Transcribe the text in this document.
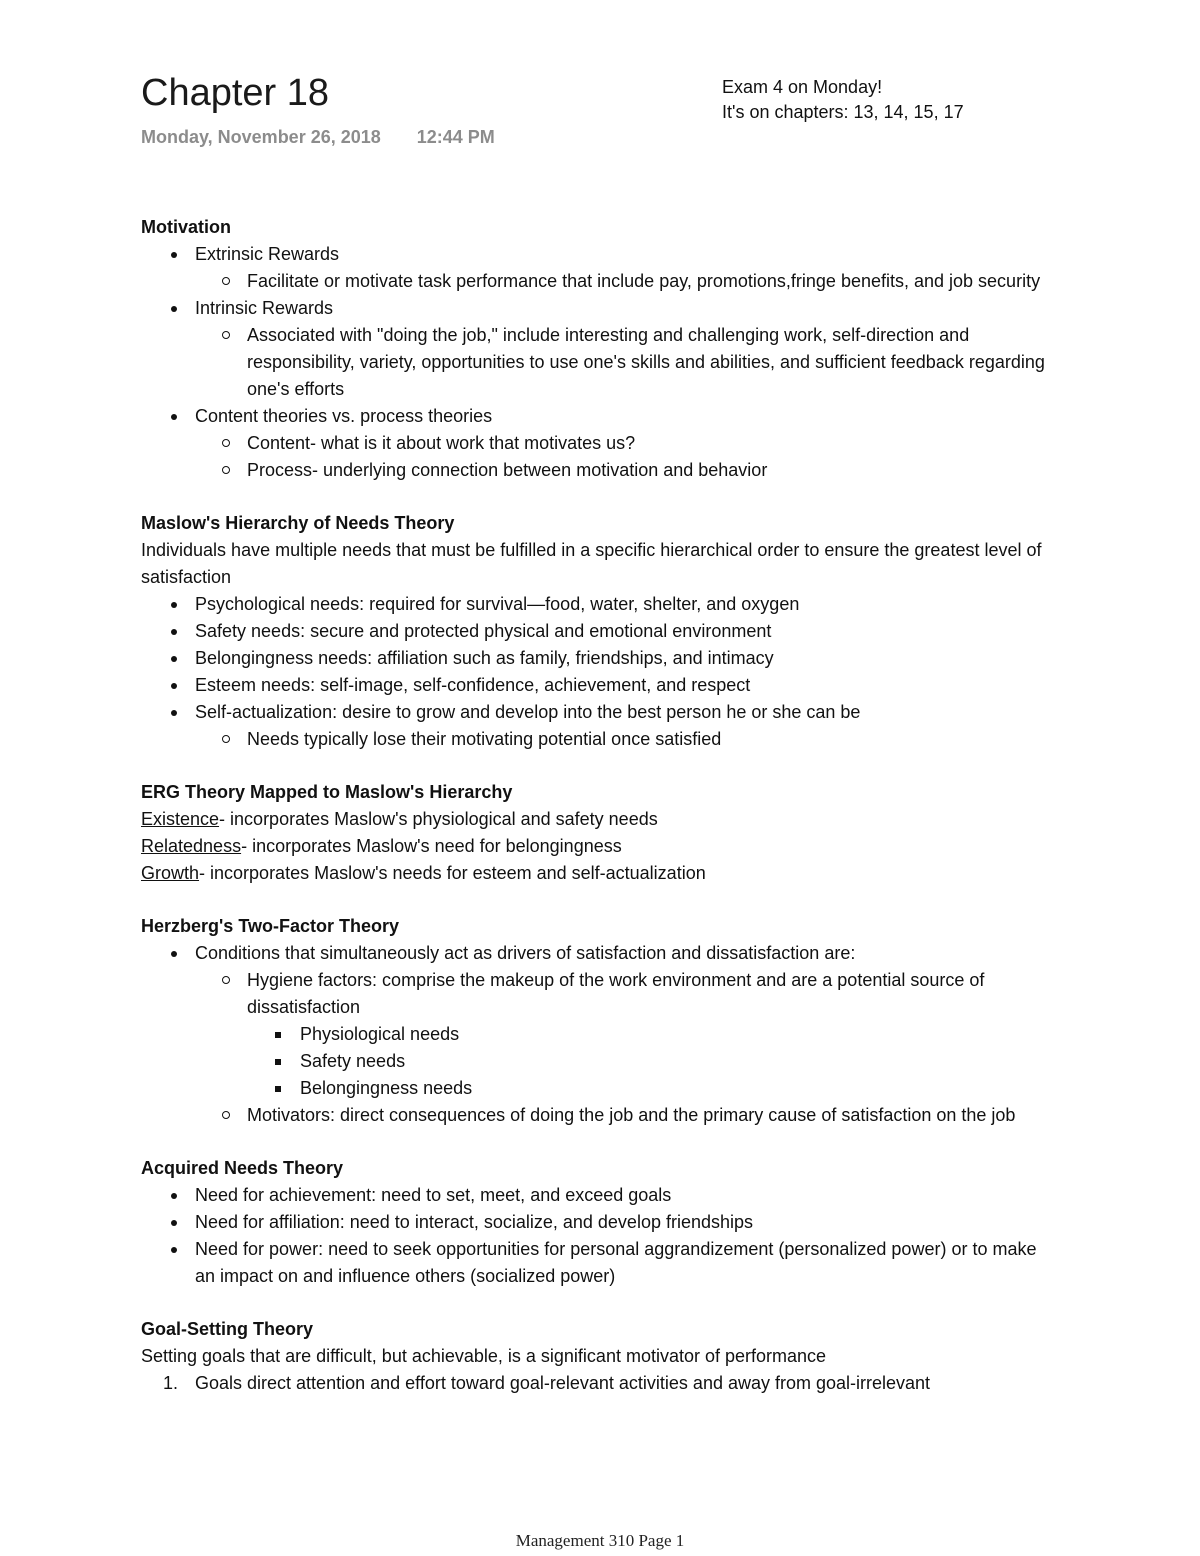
Chapter 18
Monday, November 26, 2018 12:44 PM
Exam 4 on Monday!
It's on chapters: 13, 14, 15, 17
Motivation
Extrinsic Rewards
Facilitate or motivate task performance that include pay, promotions,fringe benefits, and job security
Intrinsic Rewards
Associated with "doing the job," include interesting and challenging work, self-direction and responsibility, variety, opportunities to use one's skills and abilities, and sufficient feedback regarding one's efforts
Content theories vs. process theories
Content- what is it about work that motivates us?
Process- underlying connection between motivation and behavior
Maslow's Hierarchy of Needs Theory
Individuals have multiple needs that must be fulfilled in a specific hierarchical order to ensure the greatest level of satisfaction
Psychological needs: required for survival—food, water, shelter, and oxygen
Safety needs: secure and protected physical and emotional environment
Belongingness needs: affiliation such as family, friendships, and intimacy
Esteem needs: self-image, self-confidence, achievement, and respect
Self-actualization: desire to grow and develop into the best person he or she can be
Needs typically lose their motivating potential once satisfied
ERG Theory Mapped to Maslow's Hierarchy
Existence- incorporates Maslow's physiological and safety needs
Relatedness- incorporates Maslow's need for belongingness
Growth- incorporates Maslow's needs for esteem and self-actualization
Herzberg's Two-Factor Theory
Conditions that simultaneously act as drivers of satisfaction and dissatisfaction are:
Hygiene factors: comprise the makeup of the work environment and are a potential source of dissatisfaction
Physiological needs
Safety needs
Belongingness needs
Motivators: direct consequences of doing the job and the primary cause of satisfaction on the job
Acquired Needs Theory
Need for achievement: need to set, meet, and exceed goals
Need for affiliation: need to interact, socialize, and develop friendships
Need for power: need to seek opportunities for personal aggrandizement (personalized power) or to make an impact on and influence others (socialized power)
Goal-Setting Theory
Setting goals that are difficult, but achievable, is a significant motivator of performance
1. Goals direct attention and effort toward goal-relevant activities and away from goal-irrelevant
Management 310 Page 1
